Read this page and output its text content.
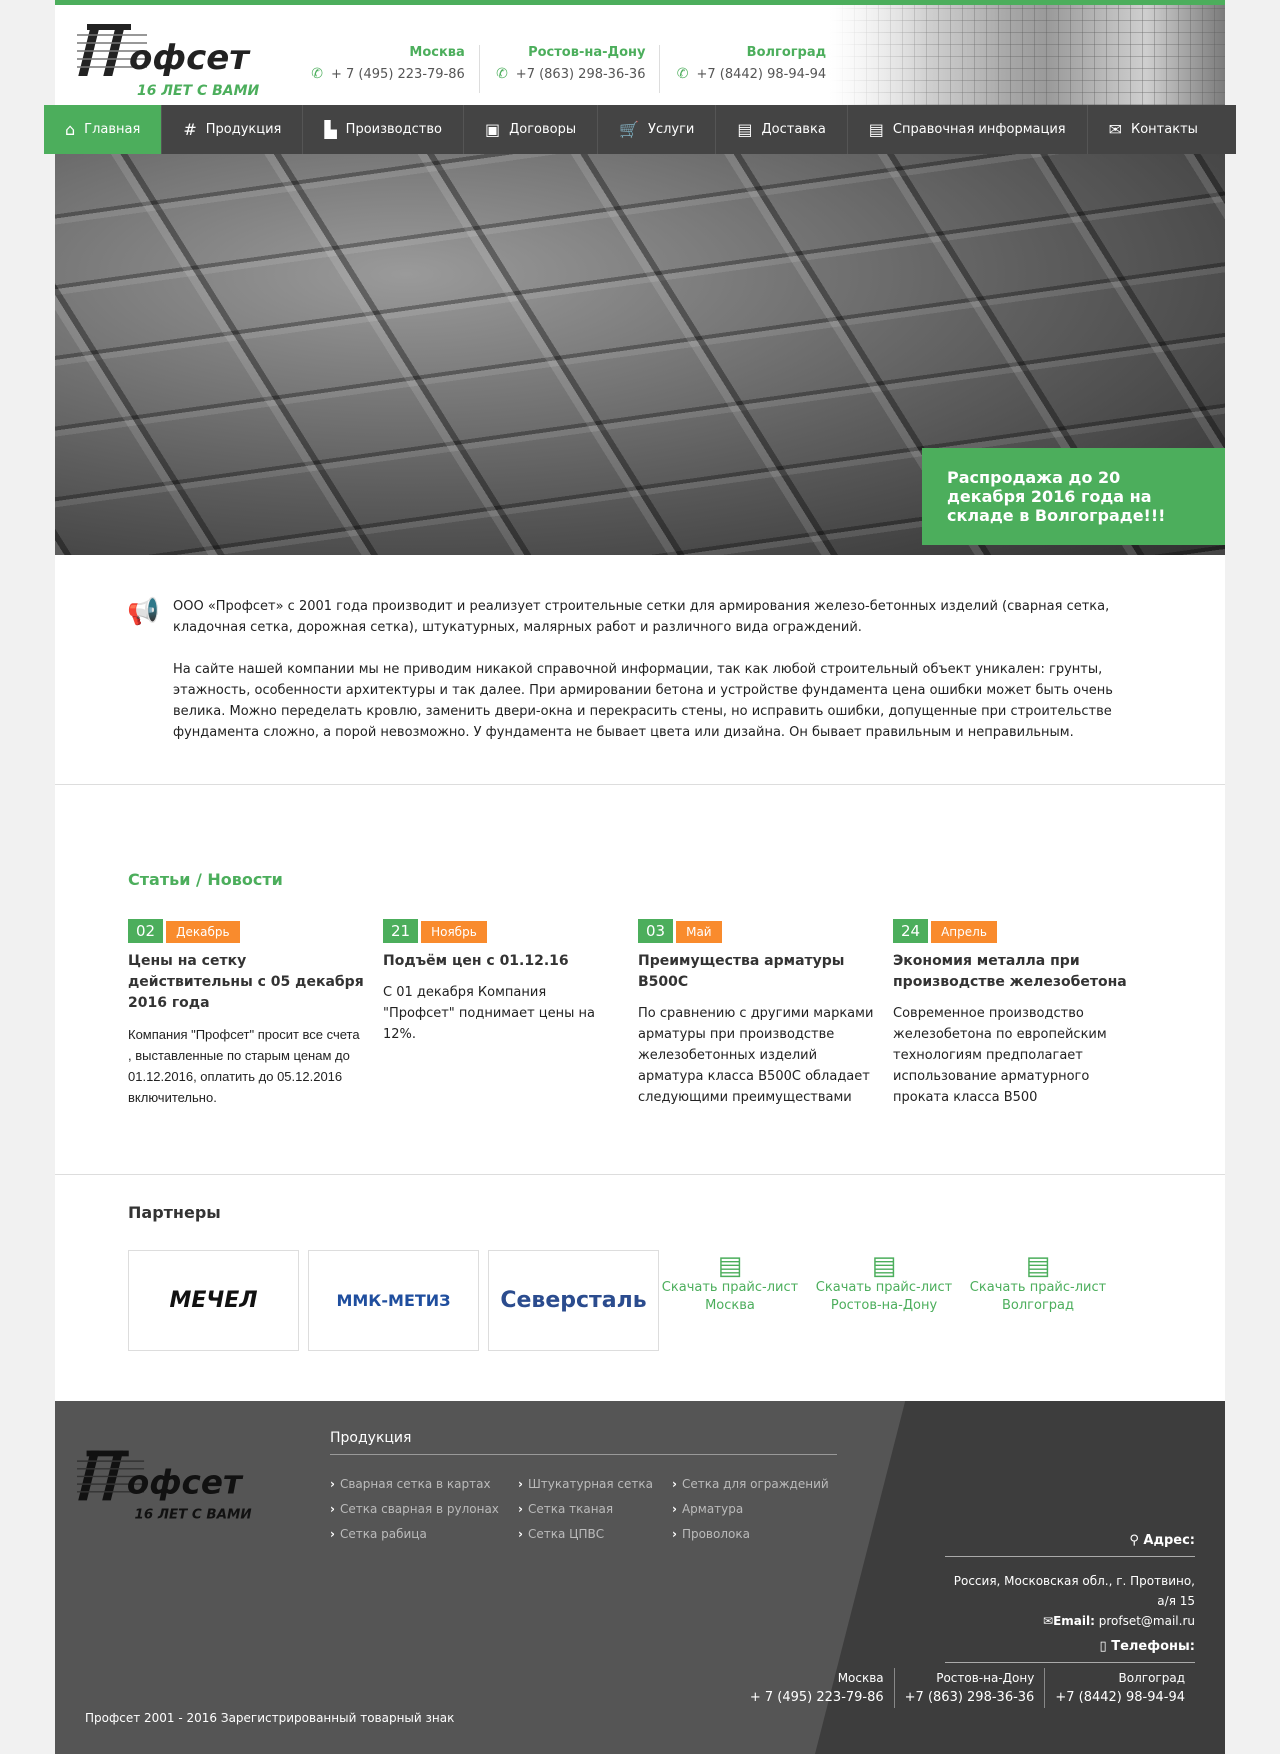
офсет
16 ЛЕТ С ВАМИ
Москва
✆ + 7 (495) 223-79-86
Ростов-на-Дону
✆ +7 (863) 298-36-36
Волгоград
✆ +7 (8442) 98-94-94
⌂ Главная	# Продукция	▙ Производство	▣ Договоры	🛒 Услуги	▤ Доставка	▤ Справочная информация	✉ Контакты
Распродажа до 20 декабря 2016 года на складе в Волгограде!!!
📢 ООО «Профсет» с 2001 года производит и реализует строительные сетки для армирования железо-бетонных изделий (сварная сетка, кладочная сетка, дорожная сетка), штукатурных, малярных работ и различного вида ограждений.

На сайте нашей компании мы не приводим никакой справочной информации, так как любой строительный объект уникален: грунты, этажность, особенности архитектуры и так далее. При армировании бетона и устройстве фундамента цена ошибки может быть очень велика. Можно переделать кровлю, заменить двери-окна и перекрасить стены, но исправить ошибки, допущенные при строительстве фундамента сложно, а порой невозможно. У фундамента не бывает цвета или дизайна. Он бывает правильным и неправильным.

Статьи / Новости
02	Декабрь
Цены на сетку действительны с 05 декабря 2016 года

Компания "Профсет" просит все счета , выставленные по старым ценам до 01.12.2016, оплатить до 05.12.2016 включительно.

21	Ноябрь
Подъём цен с 01.12.16

С 01 декабря Компания "Профсет" поднимает цены на 12%.

03	Май
Преимущества арматуры В500С

По сравнению с другими марками арматуры при производстве железобетонных изделий арматура класса В500С обладает следующими преимуществами

24	Апрель
Экономия металла при производстве железобетона

Современное производство железобетона по европейским технологиям предполагает использование арматурного проката класса В500

Партнеры
МЕЧЕЛ	ММК-МЕТИЗ Северсталь
▤
Скачать прайс-лист Москва
▤
Скачать прайс-лист Ростов-на-Дону
▤
Скачать прайс-лист Волгоград
офсет
16 ЛЕТ С ВАМИ
Продукция
› Сварная сетка в картах	› Штукатурная сетка	› Сетка для ограждений
› Сетка сварная в рулонах	› Сетка тканая	› Арматура
› Сетка рабица	› Сетка ЦПВС	› Проволока	⚲ Адрес:
Россия, Московская обл., г. Протвино, а/я 15
✉Email: profset@mail.ru
▯ Телефоны:
Москва
+ 7 (495) 223-79-86
Ростов-на-Дону
+7 (863) 298-36-36
Волгоград
+7 (8442) 98-94-94
Профсет 2001 - 2016 Зарегистрированный товарный знак
